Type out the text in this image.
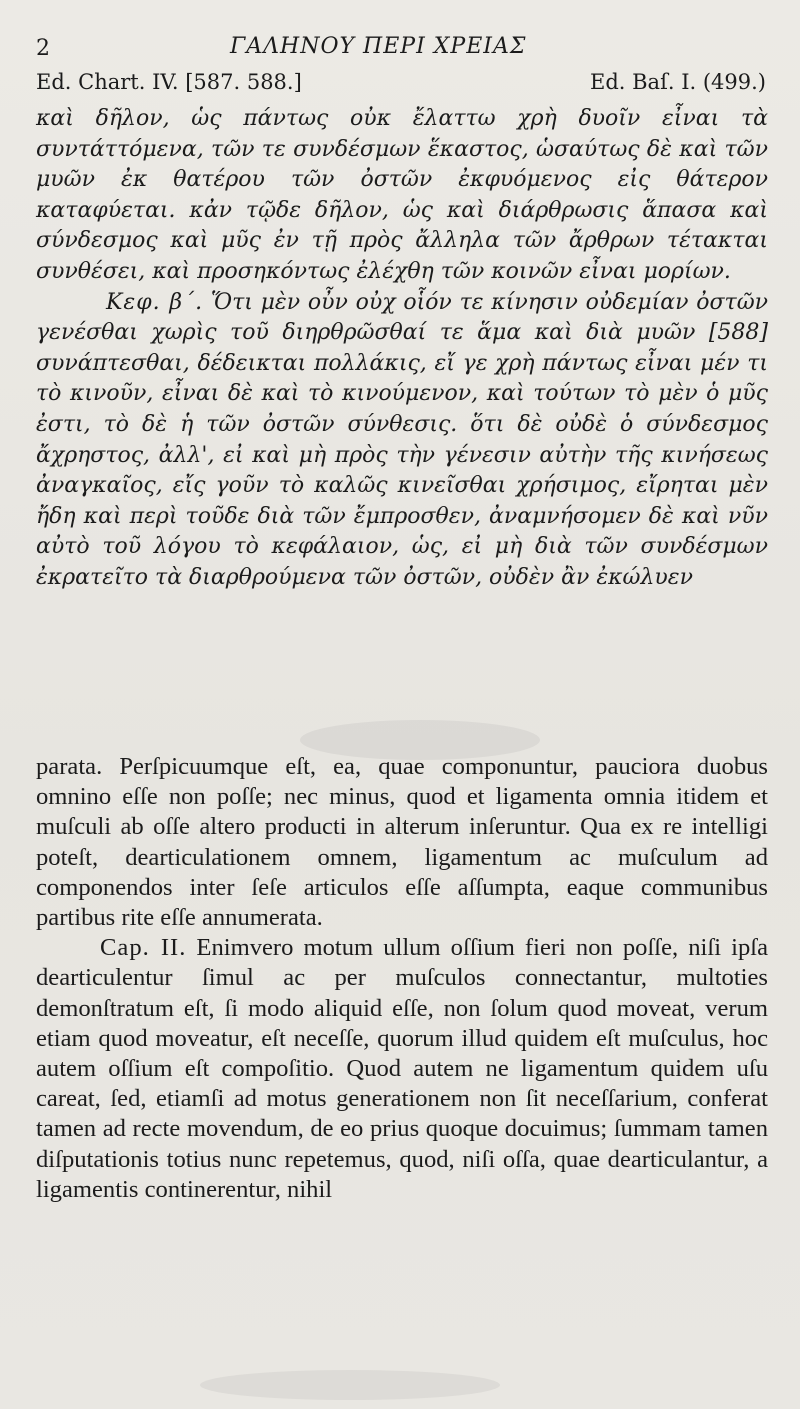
2	ΓΑΛΗΝΟΥ ΠΕΡΙ ΧΡΕΙΑΣ
Ed. Chart. IV. [587. 588.]	Ed. Baſ. I. (499.)

καὶ δῆλον, ὡς πάντως οὐκ ἔλαττω χρὴ δυοῖν εἶναι τὰ συντάττόμενα, τῶν τε συνδέσμων ἕκαστος, ὡσαύτως δὲ καὶ τῶν μυῶν ἐκ θατέρου τῶν ὀστῶν ἐκφυόμενος εἰς θάτερον καταφύεται. κἀν τῷδε δῆλον, ὡς καὶ διάρθρωσις ἅπασα καὶ σύνδεσμος καὶ μῦς ἐν τῇ πρὸς ἄλληλα τῶν ἄρθρων τέτακται συνθέσει, καὶ προσηκόντως ἐλέχθη τῶν κοινῶν εἶναι μορίων.

Κεφ. β΄. Ὅτι μὲν οὖν οὐχ οἷόν τε κίνησιν οὐδεμίαν ὀστῶν γενέσθαι χωρὶς τοῦ διηρθρῶσθαί τε ἅμα καὶ διὰ μυῶν [588] συνάπτεσθαι, δέδεικται πολλάκις, εἴ γε χρὴ πάντως εἶναι μέν τι τὸ κινοῦν, εἶναι δὲ καὶ τὸ κινούμενον, καὶ τούτων τὸ μὲν ὁ μῦς ἐστι, τὸ δὲ ἡ τῶν ὀστῶν σύνθεσις. ὅτι δὲ οὐδὲ ὁ σύνδεσμος ἄχρηστος, ἀλλ', εἰ καὶ μὴ πρὸς τὴν γένεσιν αὐτὴν τῆς κινήσεως ἀναγκαῖος, εἴς γοῦν τὸ καλῶς κινεῖσθαι χρήσιμος, εἴρηται μὲν ἤδη καὶ περὶ τοῦδε διὰ τῶν ἔμπροσθεν, ἀναμνήσομεν δὲ καὶ νῦν αὐτὸ τοῦ λόγου τὸ κεφάλαιον, ὡς, εἰ μὴ διὰ τῶν συνδέσμων ἐκρατεῖτο τὰ διαρθρούμενα τῶν ὀστῶν, οὐδὲν ἂν ἐκώλυεν

parata. Perſpicuumque eſt, ea, quae componuntur, pauciora duobus omnino eſſe non poſſe; nec minus, quod et ligamenta omnia itidem et muſculi ab oſſe altero producti in alterum inſeruntur. Qua ex re intelligi poteſt, dearticulationem omnem, ligamentum ac muſculum ad componendos inter ſeſe articulos eſſe aſſumpta, eaque communibus partibus rite eſſe annumerata.

Cap. II. Enimvero motum ullum oſſium fieri non poſſe, niſi ipſa dearticulentur ſimul ac per muſculos connectantur, multoties demonſtratum eſt, ſi modo aliquid eſſe, non ſolum quod moveat, verum etiam quod moveatur, eſt neceſſe, quorum illud quidem eſt muſculus, hoc autem oſſium eſt compoſitio. Quod autem ne ligamentum quidem uſu careat, ſed, etiamſi ad motus generationem non ſit neceſſarium, conferat tamen ad recte movendum, de eo prius quoque docuimus; ſummam tamen diſputationis totius nunc repetemus, quod, niſi oſſa, quae dearticulantur, a ligamentis continerentur, nihil
